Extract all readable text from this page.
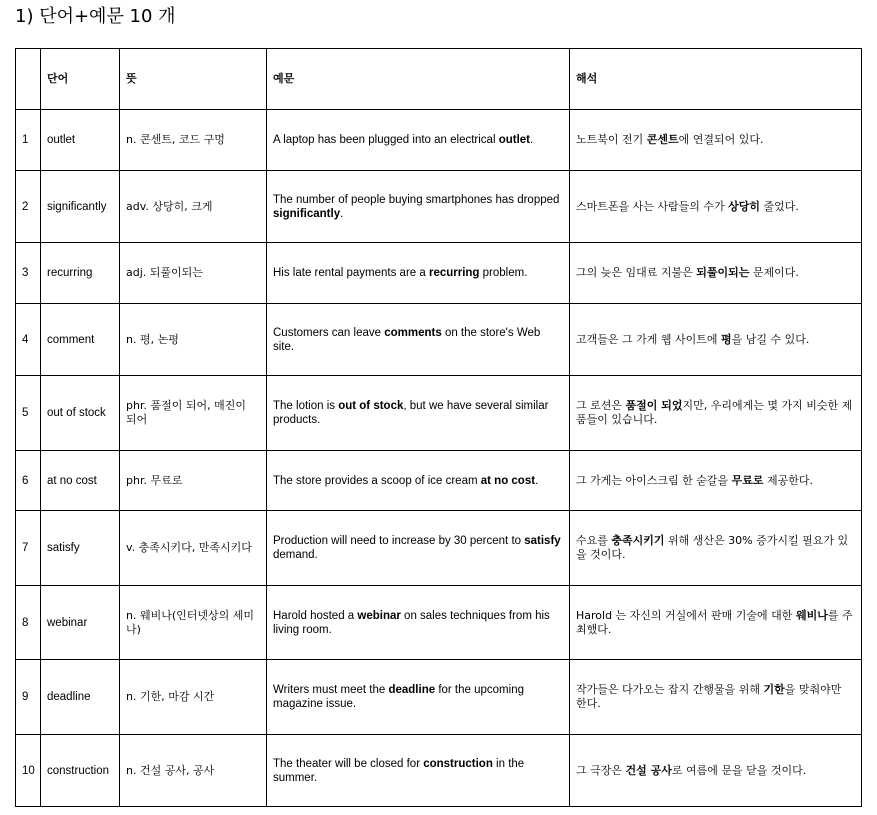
1) 단어+예문 10 개
	단어	뜻	예문	해석
1	outlet	n. 콘센트, 코드 구멍	A laptop has been plugged into an electrical outlet.	노트북이 전기 콘센트에 연결되어 있다.
2	significantly	adv. 상당히, 크게	The number of people buying smartphones has dropped significantly.	스마트폰을 사는 사람들의 수가 상당히 줄었다.
3	recurring	adj. 되풀이되는	His late rental payments are a recurring problem.	그의 늦은 임대료 지불은 되풀이되는 문제이다.
4	comment	n. 평, 논평	Customers can leave comments on the store's Web site.	고객들은 그 가게 웹 사이트에 평을 남길 수 있다.
5	out of stock	phr. 품절이 되어, 매진이 되어	The lotion is out of stock, but we have several similar products.	그 로션은 품절이 되었지만, 우리에게는 몇 가지 비슷한 제품들이 있습니다.
6	at no cost	phr. 무료로	The store provides a scoop of ice cream at no cost.	그 가게는 아이스크림 한 숟갈을 무료로 제공한다.
7	satisfy	v. 충족시키다, 만족시키다	Production will need to increase by 30 percent to satisfy demand.	수요를 충족시키기 위해 생산은 30% 증가시킬 필요가 있을 것이다.
8	webinar	n. 웨비나(인터넷상의 세미나)	Harold hosted a webinar on sales techniques from his living room.	Harold 는 자신의 거실에서 판매 기술에 대한 웨비나를 주최했다.
9	deadline	n. 기한, 마감 시간	Writers must meet the deadline for the upcoming magazine issue.	작가들은 다가오는 잡지 간행물을 위해 기한을 맞춰야만 한다.
10	construction	n. 건설 공사, 공사	The theater will be closed for construction in the summer.	그 극장은 건설 공사로 여름에 문을 닫을 것이다.
